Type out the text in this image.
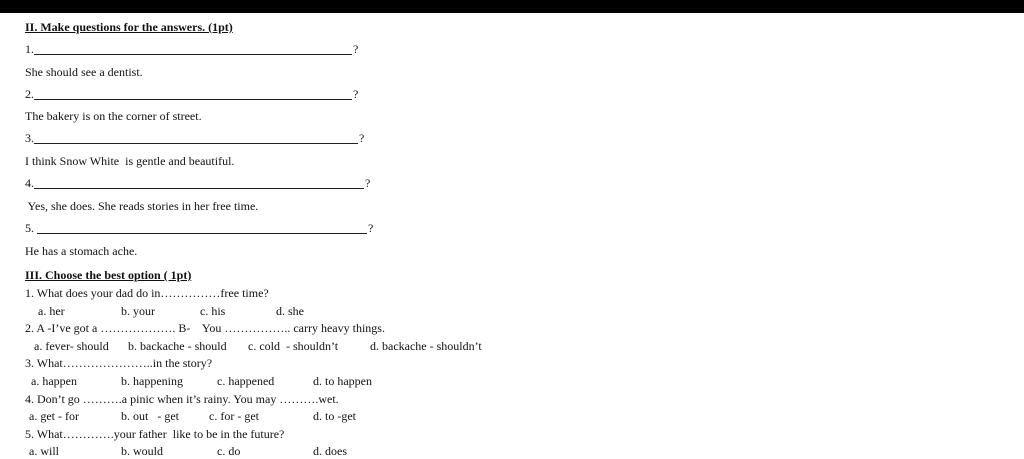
II. Make questions for the answers. (1pt)
1.	?
She should see a dentist.
2.	?
The bakery is on the corner of street.
3.	?
I think Snow White  is gentle and beautiful.
4.	?
Yes, she does. She reads stories in her free time.
5.	?
He has a stomach ache.
III. Choose the best option ( 1pt)
1. What does your dad do in……………free time?
a. her	b. your	c. his	d. she
2. A -I’ve got a ………………. B-    You …………….. carry heavy things.
a. fever- should b. backache - should c. cold  - shouldn’t	d. backache - shouldn’t
3. What…………………..in the story?
a. happen	b. happening	c. happened	d. to happen
4. Don’t go ……….a pinic when it’s rainy. You may ……….wet.
a. get - for	b. out   - get	c. for - get	d. to -get
5. What………….your father  like to be in the future?
a. will	b. would	c. do	d. does
